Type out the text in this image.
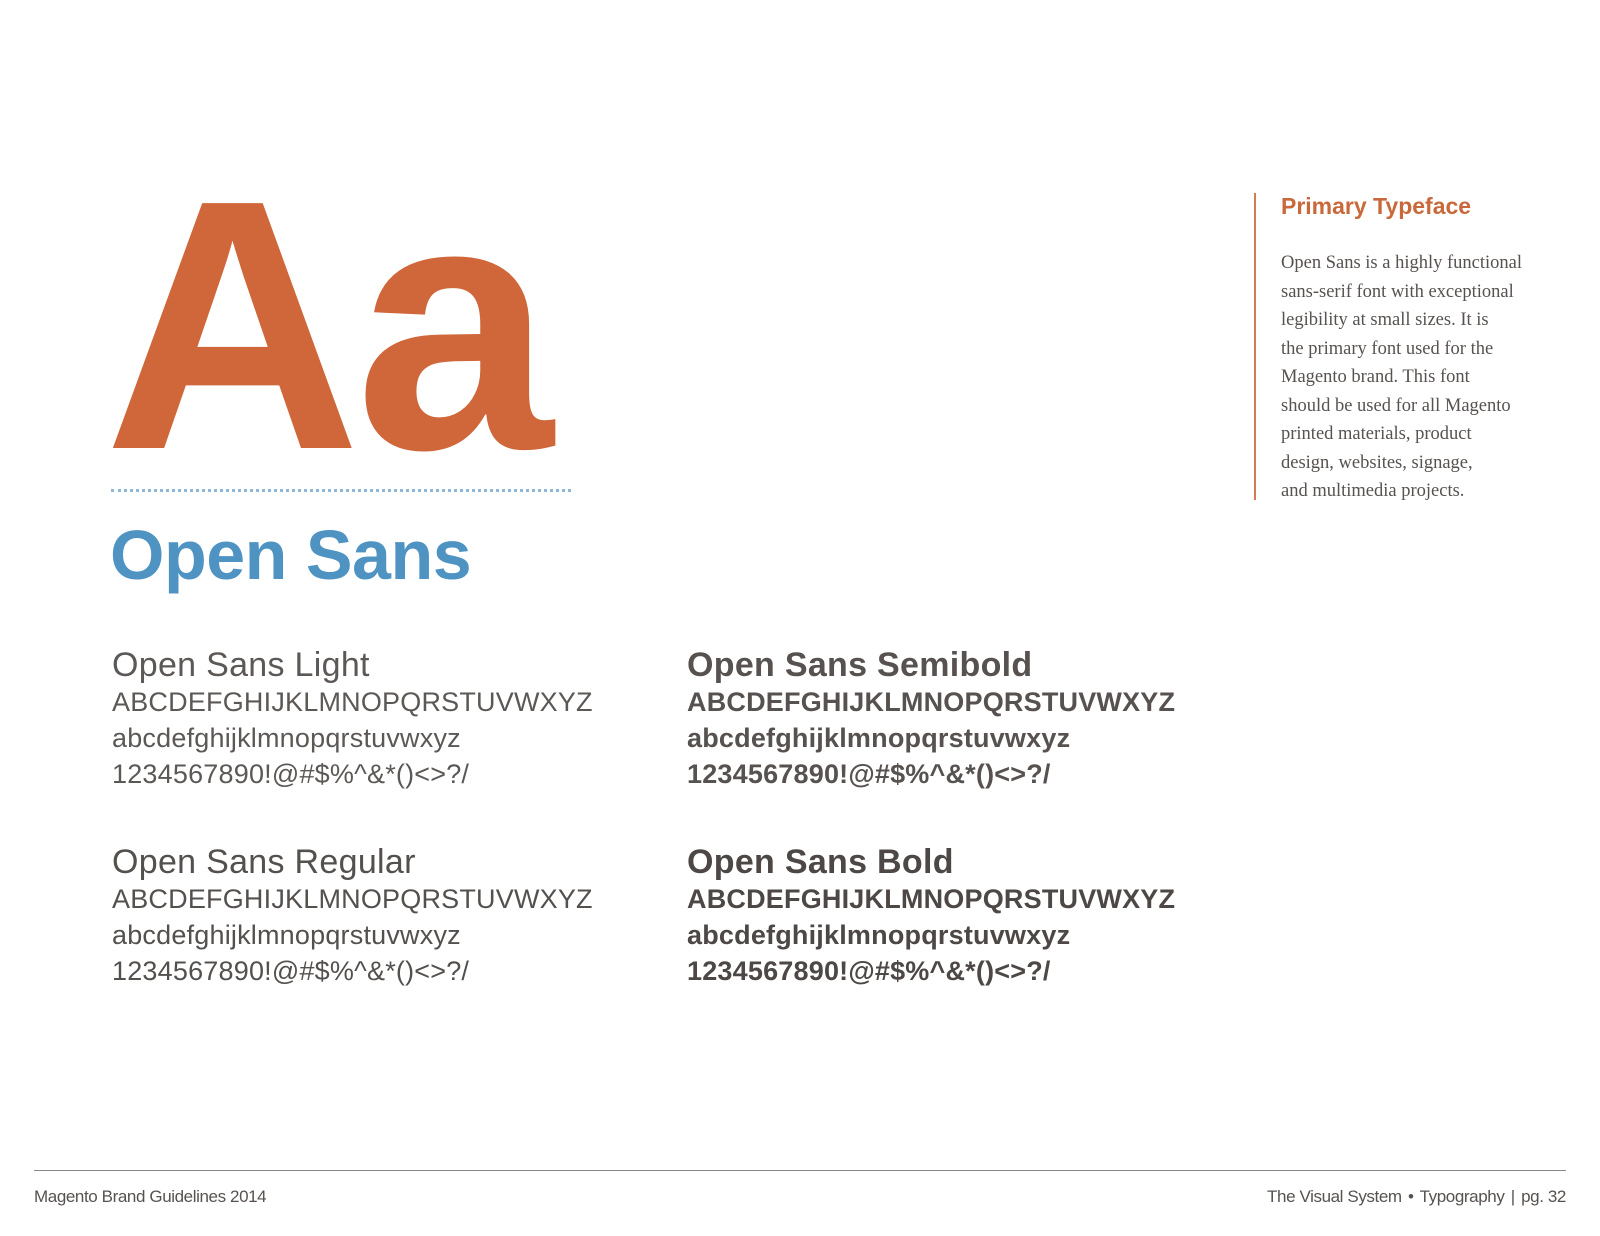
Aa
Open Sans

Open Sans Light

ABCDEFGHIJKLMNOPQRSTUVWXYZ

abcdefghijklmnopqrstuvwxyz

1234567890!@#$%^&*()<>?/

Open Sans Regular

ABCDEFGHIJKLMNOPQRSTUVWXYZ

abcdefghijklmnopqrstuvwxyz

1234567890!@#$%^&*()<>?/

Open Sans Semibold

ABCDEFGHIJKLMNOPQRSTUVWXYZ

abcdefghijklmnopqrstuvwxyz

1234567890!@#$%^&*()<>?/

Open Sans Bold

ABCDEFGHIJKLMNOPQRSTUVWXYZ

abcdefghijklmnopqrstuvwxyz

1234567890!@#$%^&*()<>?/

Primary Typeface

Open Sans is a highly functional
sans-serif font with exceptional
legibility at small sizes. It is
the primary font used for the
Magento brand. This font
should be used for all Magento
printed materials, product
design, websites, signage,
and multimedia projects.

Magento Brand Guidelines 2014	The Visual System • Typography | pg. 32
